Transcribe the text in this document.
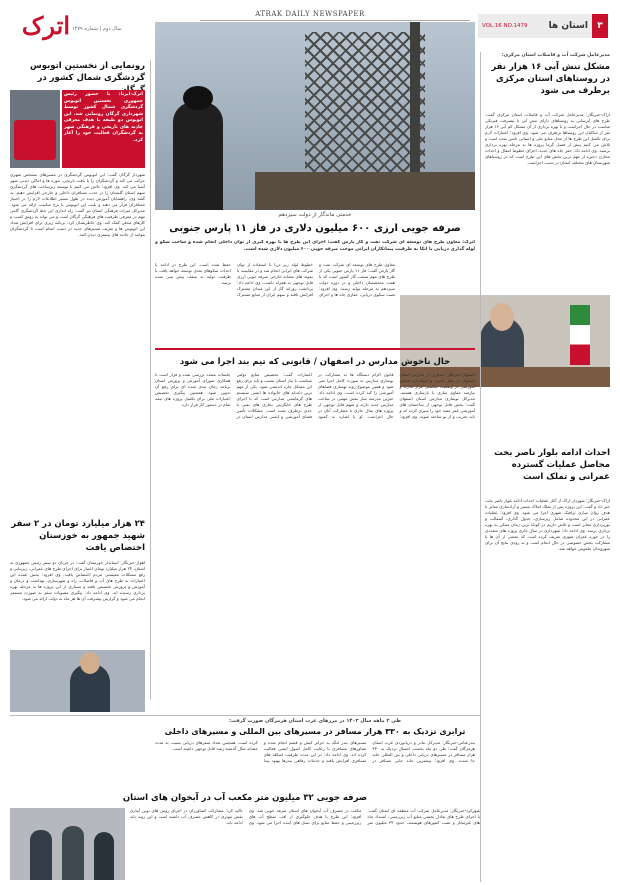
اترک سال دوم | شماره ۱۴۷۹
ATRAK DAILY NEWSPAPER
۳
استان ها
VOL.16 NO.1479
مدیرعامل شرکت آب و فاضلاب استان مرکزی:
مشکل تنش آبی ۱۶ هزار نفر در روستاهای استان مرکزی برطرف می شود
اراک-خبرنگار: مدیرعامل شرکت آب و فاضلاب استان مرکزی گفت: طرح های آبرسانی به روستاهای دارای تنش آبی با پیشرفت فیزیکی مناسب در حال اجراست و با بهره برداری از آن مشکل کم آبی ۱۶ هزار نفر از ساکنان این روستاها برطرف می شود. وی افزود: اعتبارات لازم برای تکمیل این طرح ها از محل منابع ملی و استانی تامین شده است و تلاش می کنیم پیش از فصل گرما پروژه ها به مرحله بهره برداری برسند. وی ادامه داد: حفر چاه های جدید، اجرای خطوط انتقال و احداث مخازن ذخیره از مهم ترین بخش های این طرح است که در روستاهای شهرستان های مختلف استان در دست اجراست.
احداث ادامه بلوار ناصر بخت محاصل عملیات گسترده عمرانی و تملک است
اراک-خبرنگار: شهردار اراک از آغاز عملیات احداث ادامه بلوار ناصر بخت خبر داد و گفت: این پروژه پس از تملک املاک مسیر و آزادسازی معابر با هدف روان سازی ترافیک شهری اجرا می شود. وی افزود: عملیات عمرانی در این محدوده شامل زیرسازی، جدول گذاری، آسفالت و نورپردازی معابر است و تلاش داریم در کوتاه ترین زمان ممکن به بهره برداری برسد. وی ادامه داد: شهرداری در سال جاری پروژه های متعددی را در حوزه عمران شهری تعریف کرده است که بخشی از آن ها با مشارکت بخش خصوصی در حال انجام است و به زودی نتایج آن برای شهروندان ملموس خواهد شد.
خدمتی ماندگار از دولت سیزدهم
صرفه جویی ارزی ۶۰۰ میلیون دلاری در فاز ۱۱ پارس جنوبی
اترک: معاون طرح های توسعه ای شرکت نفت و گاز پارس گفت: اجرای این طرح ها با بهره گیری از توان داخلی انجام شده و ساخت سکو و لوله گذاری دریایی با اتکا به ظرفیت پیمانکاران ایرانی موجب صرفه جویی ۶۰۰ میلیون دلاری شده است.
معاون طرح های توسعه ای شرکت نفت و گاز پارس گفت: فاز ۱۱ پارس جنوبی یکی از طرح های مهم صنعت گاز کشور است که با همت متخصصان داخلی و در دوره دولت سیزدهم به مرحله تولید رسید. وی افزود: نصب سکوی دریایی، حفاری چاه ها و اجرای خطوط لوله زیر دریا با استفاده از توان شرکت های ایرانی انجام شد و در مقایسه با نمونه های مشابه خارجی صرفه جویی ارزی قابل توجهی به همراه داشت. وی ادامه داد: برداشت روزانه گاز از این میدان مشترک افزایش یافته و سهم ایران از منابع مشترک حفظ شده است. این طرح در ادامه با احداث سکوهای بعدی توسعه خواهد یافت تا ظرفیت تولید به سقف پیش بینی شده برسد.
حال ناخوش مدارس در اصفهان / قانونی که تیم بند اجرا می شود
اصفهان-خبرنگار: بسیاری از مدارس استان اصفهان از نظر ایمنی و استاندارد فضای آموزشی در وضعیت مناسبی قرار ندارند و نیازمند مقاوم سازی یا بازسازی هستند. مدیرکل نوسازی مدارس استان اصفهان گفت: بخش قابل توجهی از ساختمان های آموزشی عمر مفید خود را سپری کرده اند و باید تخریب و از نو ساخته شوند. وی افزود: قانون الزام دستگاه ها به مشارکت در نوسازی مدارس به صورت کامل اجرا نمی شود و همین موضوع روند بهسازی فضاهای آموزشی را کند کرده است. وی ادامه داد: خیرین مدرسه ساز نقش مهمی در ساخت مدارس جدید دارند و سهم قابل توجهی از پروژه های سال جاری با مشارکت آنان در حال اجراست. او با اشاره به کمبود اعتبارات گفت: تخصیص منابع دولتی متناسب با نیاز استان نیست و باید برای رفع این مشکل چاره اندیشی شود. یکی از مهم ترین دغدغه های خانواده ها ایمنی سیستم های گرمایشی مدارس است که با اجرای طرح های جایگزینی بخاری های نفتی تا حدی برطرف شده است. مشکلات تأمین فضای آموزشی و ایمنی مدارس استان در جلسات متعدد بررسی شده و قرار است با همکاری شورای آموزش و پرورش استان برنامه زمان بندی شده ای برای رفع آن تدوین شود. همچنین پیگیری تخصیص اعتبارات ملی برای تکمیل پروژه های نیمه تمام در دستور کار قرار دارد.
رونمایی از نخستین اتوبوس گردشگری شمال کشور در
اترک-ایرنا: با حضور رئیس جمهوری نخستین اتوبوس گردشگری شمال کشور توسط شهرداری گرگان رونمایی شد. این اتوبوس دو طبقه با هدف معرفی جاذبه های تاریخی و فرهنگی شهر به گردشگران فعالیت خود را آغاز کرد.
شهردار گرگان گفت: این اتوبوس گردشگری در مسیرهای مشخص شهری حرکت می کند و گردشگران را با بافت تاریخی، موزه ها و اماکن دیدنی شهر آشنا می کند. وی افزود: تلاش می کنیم با توسعه زیرساخت های گردشگری سهم استان گلستان را در جذب مسافران داخلی و خارجی افزایش دهیم. به گفته وی، راهنمایان آموزش دیده در طول مسیر اطلاعات لازم را در اختیار مسافران قرار می دهند و بلیت این اتوبوس با نرخ مناسب ارائه می شود. مدیرکل میراث فرهنگی استان نیز گفت: راه اندازی این خط گردشگری گامی مهم در معرفی ظرفیت های فرهنگی گرگان است و می تواند به رونق کسب و کارهای محلی کمک کند. وی خاطرنشان کرد: برنامه ریزی برای افزایش تعداد این اتوبوس ها و تعریف مسیرهای جدید در دست انجام است تا گردشگران بتوانند از جاذبه های بیشتری دیدن کنند.
۲۴ هزار میلیارد تومان در ۲ سفر شهید جمهور به خوزستان اختصاص یافت
اهواز-خبرنگار: استاندار خوزستان گفت: در جریان دو سفر رئیس جمهوری به استان، ۲۴ هزار میلیارد تومان اعتبار برای اجرای طرح های عمرانی، زیربنایی و رفع مشکلات معیشتی مردم اختصاص یافت. وی افزود: بخش عمده این اعتبارات به طرح های آب و فاضلاب، راه و شهرسازی، بهداشت و درمان و آموزش و پرورش تخصیص یافته و بسیاری از این پروژه ها به مرحله بهره برداری رسیده اند. وی ادامه داد: پیگیری مصوبات سفر به صورت مستمر انجام می شود و گزارش پیشرفت آن ها هر ماه به دولت ارائه می شود.
طی ۲ ماهه سال ۱۴۰۳ در مرزهای غرب استان هرمزگان صورت گرفت:
ترابری نزدیک به ۳۳۰ هزار مسافر در مسیرهای بین المللی و مسیرهای داخلی
بندرعباس-خبرنگار: مدیرکل بنادر و دریانوردی غرب استان هرمزگان گفت: طی دو ماه نخست امسال نزدیک به ۳۳۰ هزار مسافر در مسیرهای دریایی داخلی و بین المللی جابه جا شدند. وی افزود: بیشترین جابه جایی مسافر در مسیرهای بندر لنگه به جزایر کیش و قشم انجام شده و شناورهای مسافری با رعایت کامل اصول ایمنی فعالیت کرده اند. وی ادامه داد: در این مدت ظرفیت اسکله های مسافری افزایش یافته و خدمات رفاهی بندرها بهبود پیدا کرده است. همچنین تعداد سفرهای دریایی نسبت به مدت مشابه سال گذشته رشد قابل توجهی داشته است.
صرفه جویی ۳۲ میلیون متر مکعب آب در آبخوان های استان
شهرکرد-خبرنگار: مدیرعامل شرکت آب منطقه ای استان گفت: با اجرای طرح های تعادل بخشی منابع آب زیرزمینی، انسداد چاه های غیرمجاز و نصب کنتورهای هوشمند، حدود ۳۲ میلیون متر مکعب در مصرف آب آبخوان های استان صرفه جویی شد. وی افزود: این طرح با هدف جلوگیری از افت سطح آب های زیرزمینی و حفظ منابع برای نسل های آینده اجرا می شود. وی تاکید کرد: مشارکت کشاورزان در اجرای روش های نوین آبیاری نقش موثری در کاهش مصرف آب داشته است و این روند باید ادامه یابد.
